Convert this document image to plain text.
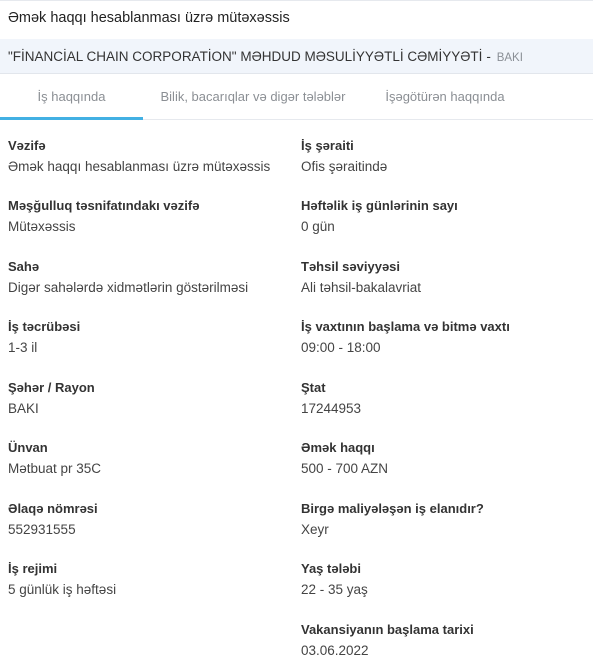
Əmək haqqı hesablanması üzrə mütəxəssis
"FİNANCİAL CHAIN CORPORATİON" MƏHDUD MƏSULİYYƏTLİ CƏMİYYƏTİ - BAKI
İş haqqında	Bilik, bacarıqlar və digər tələblər	İşəgötürən haqqında
Vəzifə
Əmək haqqı hesablanması üzrə mütəxəssis
Məşğulluq təsnifatındakı vəzifə
Mütəxəssis
Sahə
Digər sahələrdə xidmətlərin göstərilməsi
İş təcrübəsi
1-3 il
Şəhər / Rayon
BAKI
Ünvan
Mətbuat pr 35C
Əlaqə nömrəsi
552931555
İş rejimi
5 günlük iş həftəsi
İş şəraiti
Ofis şəraitində
Həftəlik iş günlərinin sayı
0 gün
Təhsil səviyyəsi
Ali təhsil-bakalavriat
İş vaxtının başlama və bitmə vaxtı
09:00 - 18:00
Ştat
17244953
Əmək haqqı
500 - 700 AZN
Birgə maliyələşən iş elanıdır?
Xeyr
Yaş tələbi
22 - 35 yaş
Vakansiyanın başlama tarixi
03.06.2022
